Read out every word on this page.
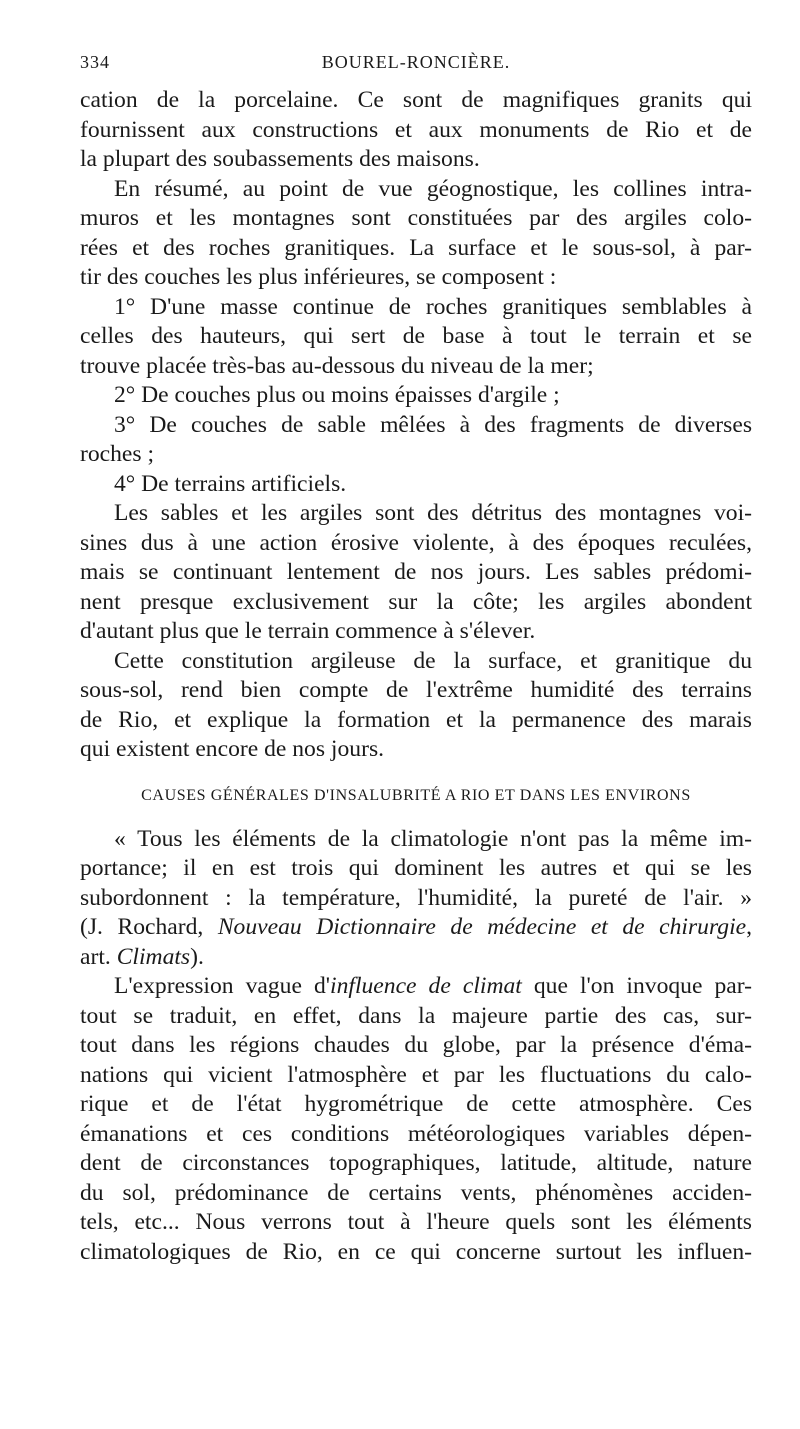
334	BOUREL-RONCIÈRE.

cation de la porcelaine. Ce sont de magnifiques granits qui

fournissent aux constructions et aux monuments de Rio et de

la plupart des soubassements des maisons.

En résumé, au point de vue géognostique, les collines intra-

muros et les montagnes sont constituées par des argiles colo-

rées et des roches granitiques. La surface et le sous-sol, à par-

tir des couches les plus inférieures, se composent :

1° D'une masse continue de roches granitiques semblables à

celles des hauteurs, qui sert de base à tout le terrain et se

trouve placée très-bas au-dessous du niveau de la mer;

2° De couches plus ou moins épaisses d'argile ;

3° De couches de sable mêlées à des fragments de diverses

roches ;

4° De terrains artificiels.

Les sables et les argiles sont des détritus des montagnes voi-

sines dus à une action érosive violente, à des époques reculées,

mais se continuant lentement de nos jours. Les sables prédomi-

nent presque exclusivement sur la côte; les argiles abondent

d'autant plus que le terrain commence à s'élever.

Cette constitution argileuse de la surface, et granitique du

sous-sol, rend bien compte de l'extrême humidité des terrains

de Rio, et explique la formation et la permanence des marais

qui existent encore de nos jours.

CAUSES GÉNÉRALES D'INSALUBRITÉ A RIO ET DANS LES ENVIRONS

« Tous les éléments de la climatologie n'ont pas la même im-

portance; il en est trois qui dominent les autres et qui se les

subordonnent : la température, l'humidité, la pureté de l'air. »

(J. Rochard, Nouveau Dictionnaire de médecine et de chirurgie,

art. Climats).

L'expression vague d'influence de climat que l'on invoque par-

tout se traduit, en effet, dans la majeure partie des cas, sur-

tout dans les régions chaudes du globe, par la présence d'éma-

nations qui vicient l'atmosphère et par les fluctuations du calo-

rique et de l'état hygrométrique de cette atmosphère. Ces

émanations et ces conditions météorologiques variables dépen-

dent de circonstances topographiques, latitude, altitude, nature

du sol, prédominance de certains vents, phénomènes acciden-

tels, etc... Nous verrons tout à l'heure quels sont les éléments

climatologiques de Rio, en ce qui concerne surtout les influen-
